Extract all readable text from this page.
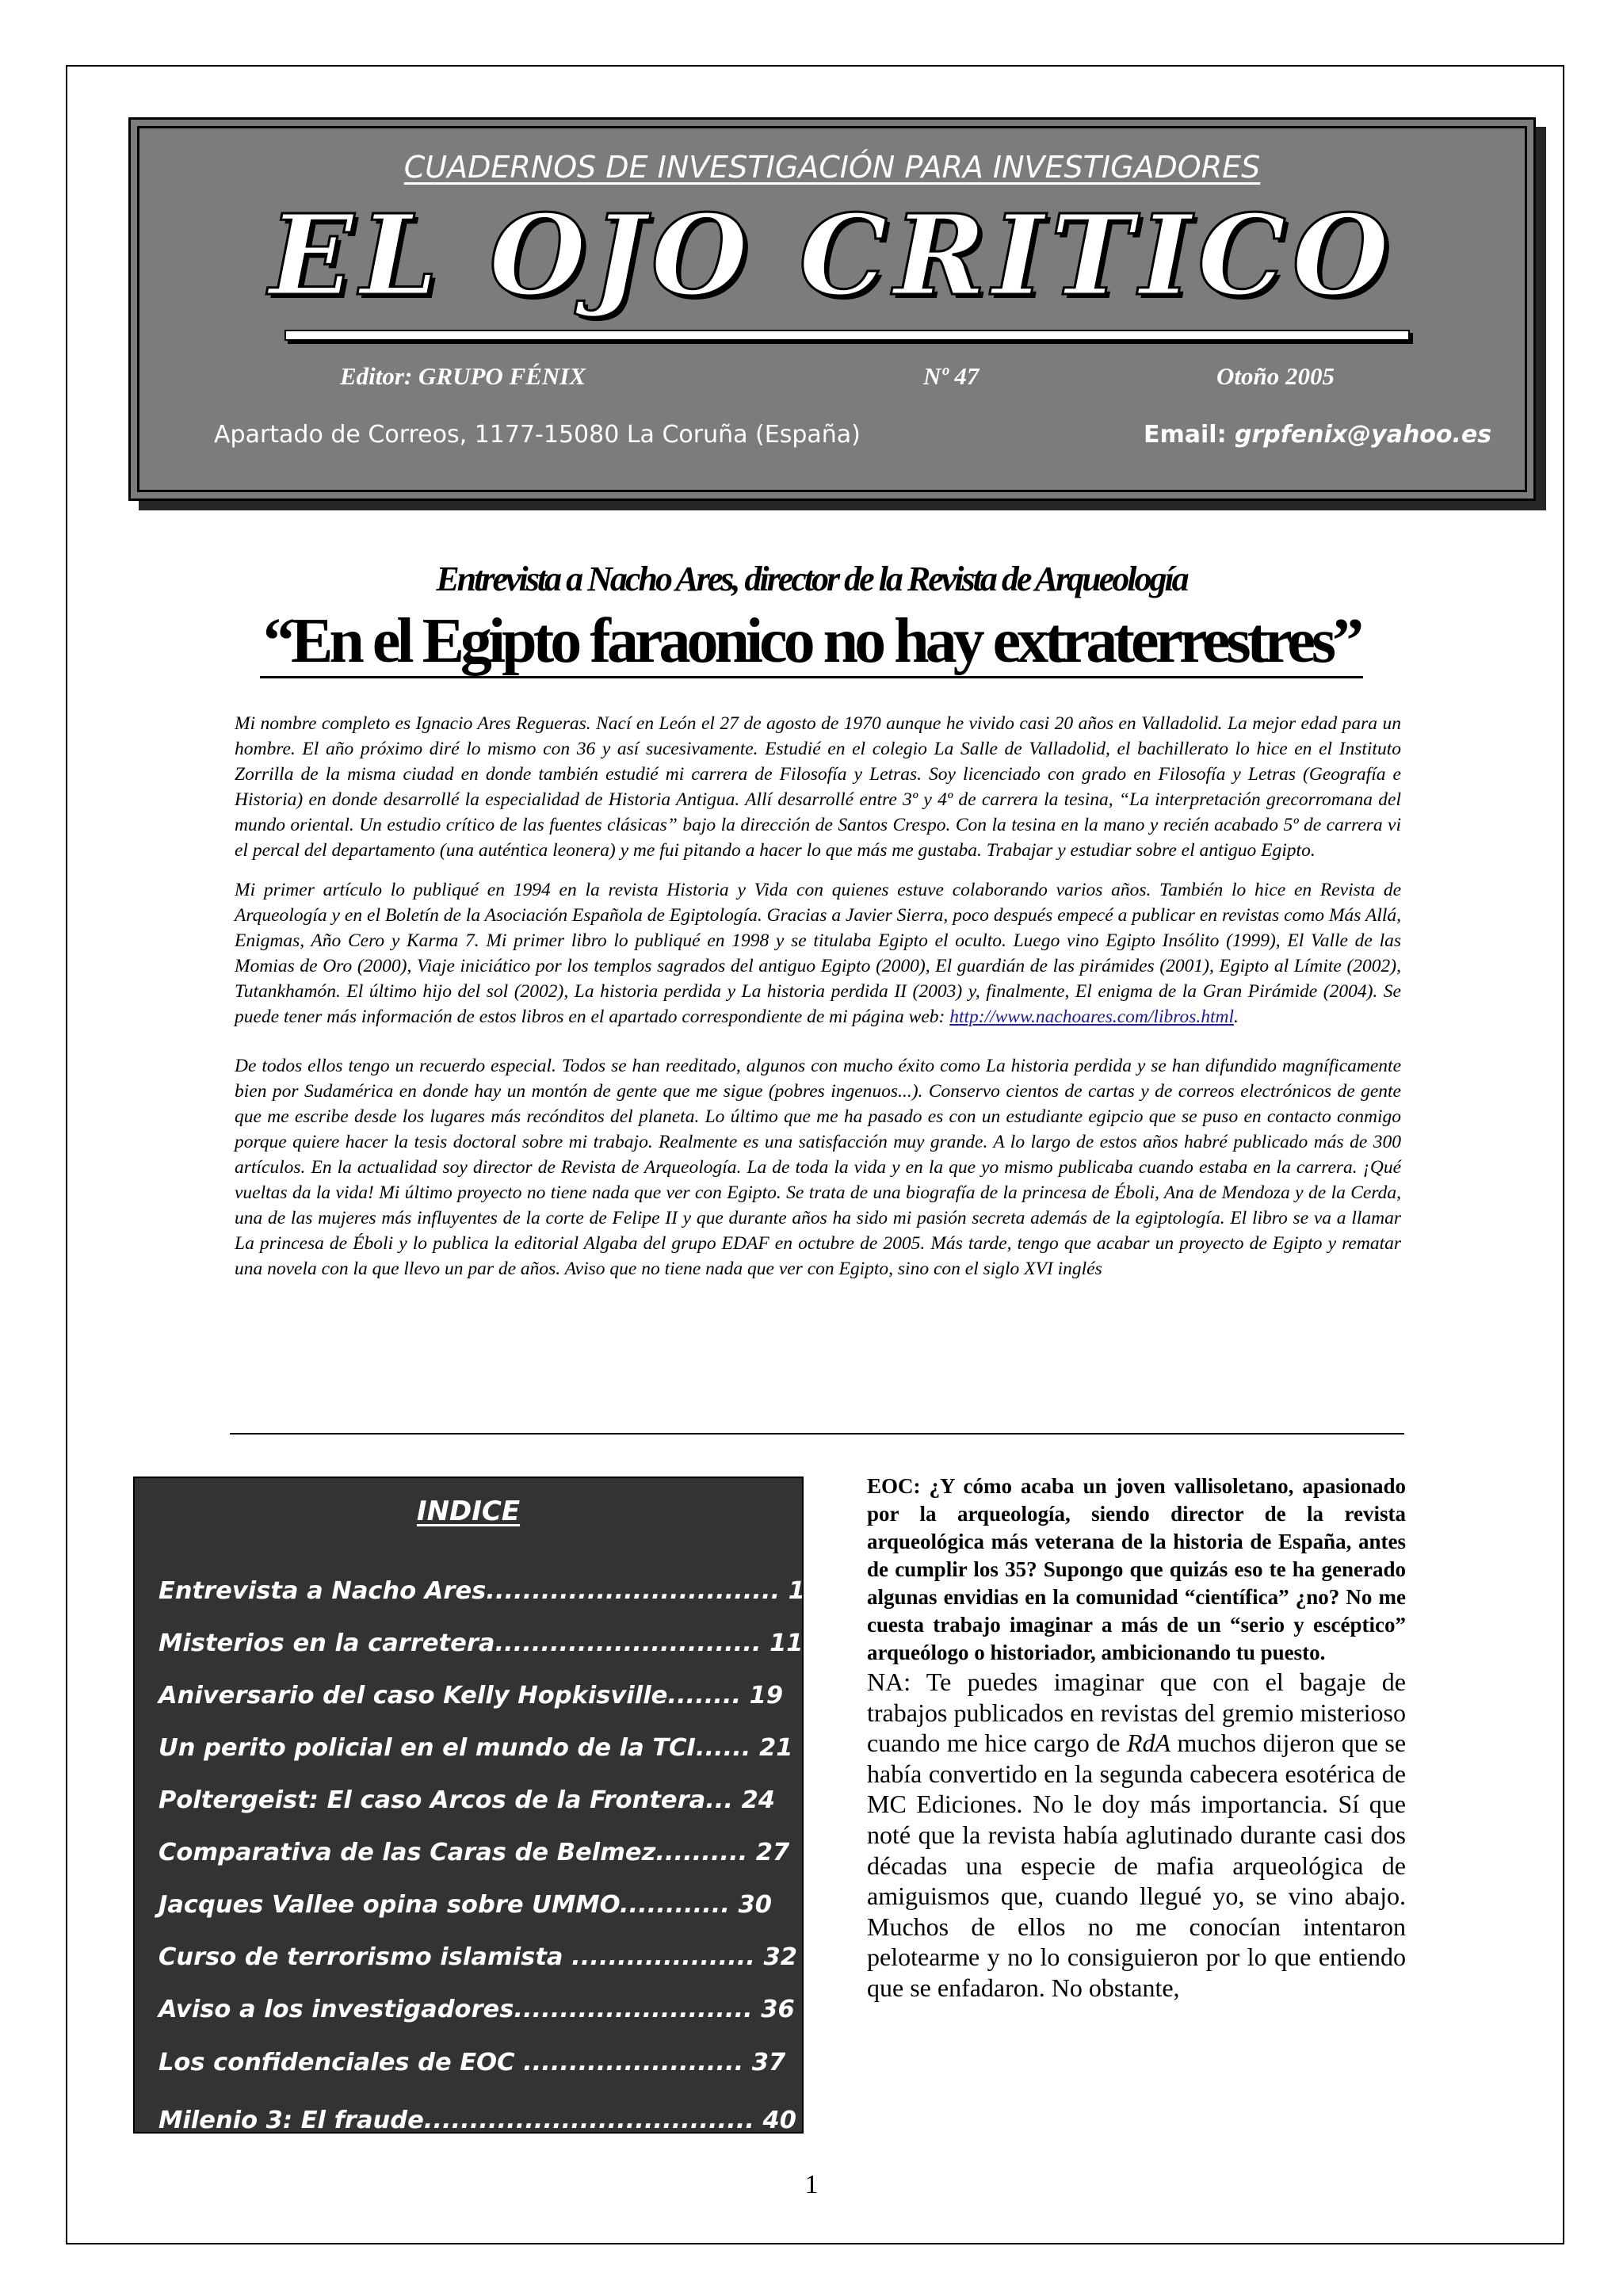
CUADERNOS DE INVESTIGACIÓN PARA INVESTIGADORES
EL OJO CRITICO
Editor: GRUPO FÉNIX	Nº 47	Otoño 2005
Apartado de Correos, 1177-15080 La Coruña (España)	Email: grpfenix@yahoo.es
Entrevista a Nacho Ares, director de la Revista de Arqueología
“En el Egipto faraonico no hay extraterrestres”

Mi nombre completo es Ignacio Ares Regueras. Nací en León el 27 de agosto de 1970 aunque he vivido casi 20 años en Valladolid. La mejor edad para un hombre. El año próximo diré lo mismo con 36 y así sucesivamente. Estudié en el colegio La Salle de Valladolid, el bachillerato lo hice en el Instituto Zorrilla de la misma ciudad en donde también estudié mi carrera de Filosofía y Letras. Soy licenciado con grado en Filosofía y Letras (Geografía e Historia) en donde desarrollé la especialidad de Historia Antigua. Allí desarrollé entre 3º y 4º de carrera la tesina, “La interpretación grecorromana del mundo oriental. Un estudio crítico de las fuentes clásicas” bajo la dirección de Santos Crespo. Con la tesina en la mano y recién acabado 5º de carrera vi el percal del departamento (una auténtica leonera) y me fui pitando a hacer lo que más me gustaba. Trabajar y estudiar sobre el antiguo Egipto.

Mi primer artículo lo publiqué en 1994 en la revista Historia y Vida con quienes estuve colaborando varios años. También lo hice en Revista de Arqueología y en el Boletín de la Asociación Española de Egiptología. Gracias a Javier Sierra, poco después empecé a publicar en revistas como Más Allá, Enigmas, Año Cero y Karma 7. Mi primer libro lo publiqué en 1998 y se titulaba Egipto el oculto. Luego vino Egipto Insólito (1999), El Valle de las Momias de Oro (2000), Viaje iniciático por los templos sagrados del antiguo Egipto (2000), El guardián de las pirámides (2001), Egipto al Límite (2002), Tutankhamón. El último hijo del sol (2002), La historia perdida y La historia perdida II (2003) y, finalmente, El enigma de la Gran Pirámide (2004). Se puede tener más información de estos libros en el apartado correspondiente de mi página web: http://www.nachoares.com/libros.html.

De todos ellos tengo un recuerdo especial. Todos se han reeditado, algunos con mucho éxito como La historia perdida y se han difundido magníficamente bien por Sudamérica en donde hay un montón de gente que me sigue (pobres ingenuos...). Conservo cientos de cartas y de correos electrónicos de gente que me escribe desde los lugares más recónditos del planeta. Lo último que me ha pasado es con un estudiante egipcio que se puso en contacto conmigo porque quiere hacer la tesis doctoral sobre mi trabajo. Realmente es una satisfacción muy grande. A lo largo de estos años habré publicado más de 300 artículos. En la actualidad soy director de Revista de Arqueología. La de toda la vida y en la que yo mismo publicaba cuando estaba en la carrera. ¡Qué vueltas da la vida! Mi último proyecto no tiene nada que ver con Egipto. Se trata de una biografía de la princesa de Éboli, Ana de Mendoza y de la Cerda, una de las mujeres más influyentes de la corte de Felipe II y que durante años ha sido mi pasión secreta además de la egiptología. El libro se va a llamar La princesa de Éboli y lo publica la editorial Algaba del grupo EDAF en octubre de 2005. Más tarde, tengo que acabar un proyecto de Egipto y rematar una novela con la que llevo un par de años. Aviso que no tiene nada que ver con Egipto, sino con el siglo XVI inglés

INDICE
Entrevista a Nacho Ares................................ 1
Misterios en la carretera............................. 11
Aniversario del caso Kelly Hopkisville........ 19
Un perito policial en el mundo de la TCI...... 21
Poltergeist: El caso Arcos de la Frontera... 24
Comparativa de las Caras de Belmez.......... 27
Jacques Vallee opina sobre UMMO............ 30
Curso de terrorismo islamista .................... 32
Aviso a los investigadores.......................... 36
Los confidenciales de EOC ........................ 37
Milenio 3: El fraude.................................... 40
EOC: ¿Y cómo acaba un joven vallisoletano, apasionado por la arqueología, siendo director de la revista arqueológica más veterana de la historia de España, antes de cumplir los 35? Supongo que quizás eso te ha generado algunas envidias en la comunidad “científica” ¿no? No me cuesta trabajo imaginar a más de un “serio y escéptico” arqueólogo o historiador, ambicionando tu puesto.
NA: Te puedes imaginar que con el bagaje de trabajos publicados en revistas del gremio misterioso cuando me hice cargo de RdA muchos dijeron que se había convertido en la segunda cabecera esotérica de MC Ediciones. No le doy más importancia. Sí que noté que la revista había aglutinado durante casi dos décadas una especie de mafia arqueológica de amiguismos que, cuando llegué yo, se vino abajo. Muchos de ellos no me conocían intentaron pelotearme y no lo consiguieron por lo que entiendo que se enfadaron. No obstante,
1
